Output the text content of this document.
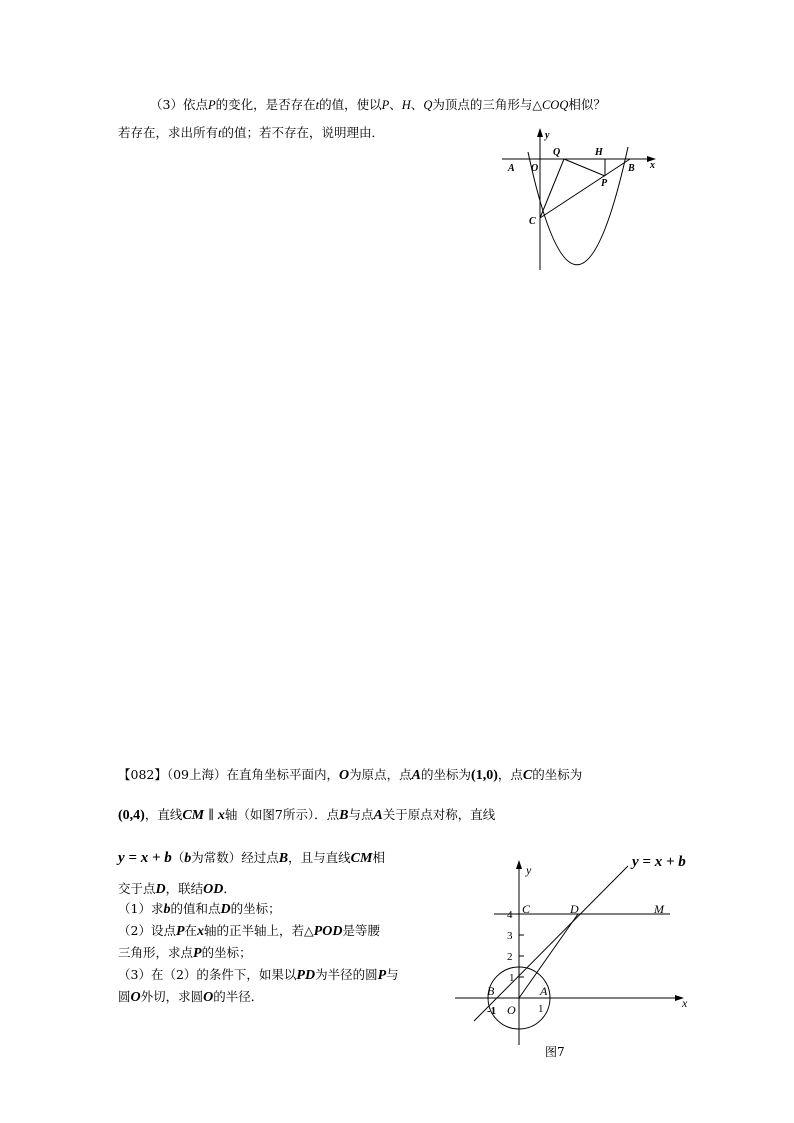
（3）依点P的变化，是否存在t的值，使以P、H、Q为顶点的三角形与△COQ相似？
若存在，求出所有t的值；若不存在，说明理由．	y
x
Q	H
A O	B
P
C
【082】（09上海）在直角坐标平面内，O为原点，点A的坐标为(1,0)，点C的坐标为
(0,4)，直线CM ∥ x轴（如图7所示）．点B与点A关于原点对称，直线
y = x + b（b为常数）经过点B，且与直线CM相
交于点D，联结OD．
（1）求b的值和点D的坐标；
（2）设点P在x轴的正半轴上，若△POD是等腰
三角形，求点P的坐标；
（3）在（2）的条件下，如果以PD为半径的圆P与
圆O外切，求圆O的半径．
y
x
y = x + b
4 C	D	M
3
2
1
B	A
O
-1	1
图7
